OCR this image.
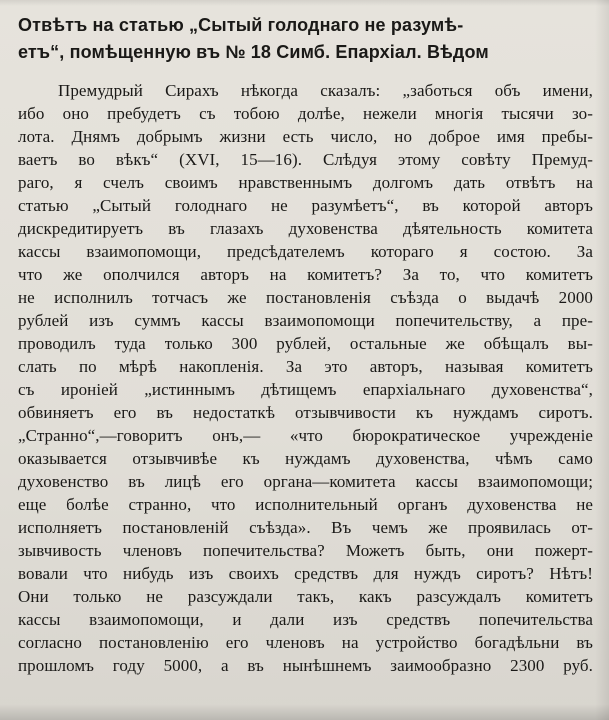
Отвѣтъ на статью „Сытый голоднаго не разумѣ-
етъ“, помѣщенную въ № 18 Симб. Епархіал. Вѣдом
Премудрый Сирахъ нѣкогда сказалъ: „заботься объ имени,
ибо оно пребудетъ съ тобою долѣе, нежели многія тысячи зо-
лота. Днямъ добрымъ жизни есть число, но доброе имя пребы-
ваетъ во вѣкъ“ (XVI, 15—16). Слѣдуя этому совѣту Премуд-
раго, я счелъ своимъ нравственнымъ долгомъ дать отвѣтъ на
статью „Сытый голоднаго не разумѣетъ“, въ которой авторъ
дискредитируетъ въ глазахъ духовенства дѣятельность комитета
кассы взаимопомощи, предсѣдателемъ котораго я состою. За
что же ополчился авторъ на комитетъ? За то, что комитетъ
не исполнилъ тотчасъ же постановленія съѣзда о выдачѣ 2000
рублей изъ суммъ кассы взаимопомощи попечительству, а пре-
проводилъ туда только 300 рублей, остальные же обѣщалъ вы-
слать по мѣрѣ накопленія. За это авторъ, называя комитетъ
съ ироніей „истиннымъ дѣтищемъ епархіальнаго духовенства“,
обвиняетъ его въ недостаткѣ отзывчивости къ нуждамъ сиротъ.
„Странно“,—говоритъ онъ,— «что бюрократическое учрежденіе
оказывается отзывчивѣе къ нуждамъ духовенства, чѣмъ само
духовенство въ лицѣ его органа—комитета кассы взаимопомощи;
еще болѣе странно, что исполнительный органъ духовенства не
исполняетъ постановленій съѣзда». Въ чемъ же проявилась от-
зывчивость членовъ попечительства? Можетъ быть, они пожерт-
вовали что нибудь изъ своихъ средствъ для нуждъ сиротъ? Нѣтъ!
Они только не разсуждали такъ, какъ разсуждалъ комитетъ
кассы взаимопомощи, и дали изъ средствъ попечительства
согласно постановленію его членовъ на устройство богадѣльни въ
прошломъ году 5000, а въ нынѣшнемъ заимообразно 2300 руб.
